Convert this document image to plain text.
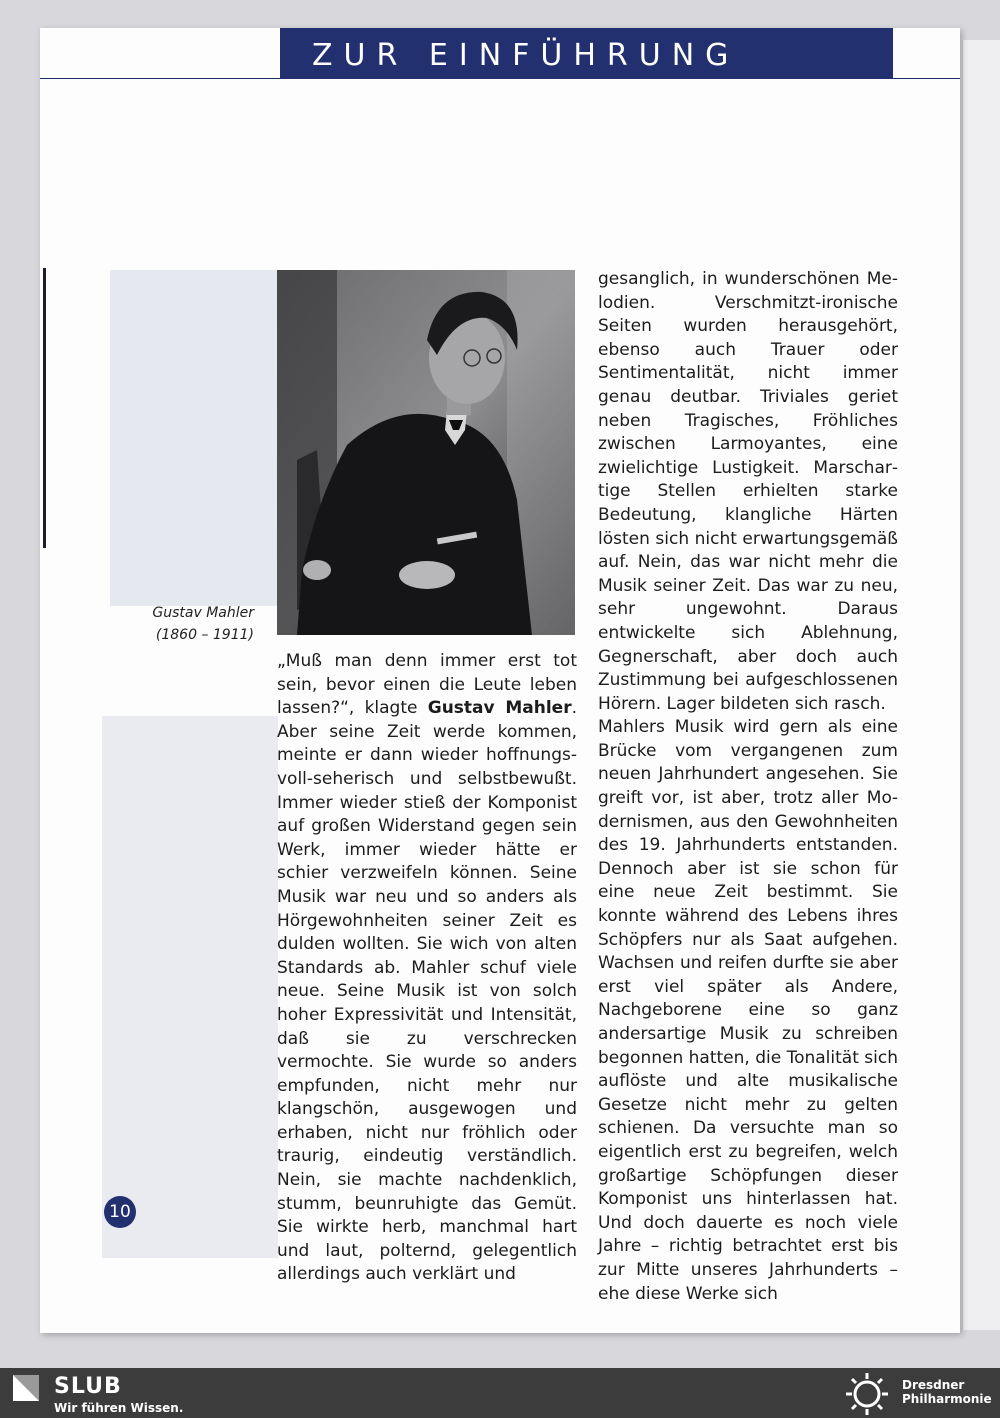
ZUR EINFÜHRUNG
Gustav Mahler
(1860 – 1911)

„Muß man denn immer erst tot sein, bevor einen die Leute leben lassen?“, klagte Gustav Mahler. Aber seine Zeit werde kommen, meinte er dann wieder hoffnungsvoll-seherisch und selbstbewußt. Immer wieder stieß der Komponist auf großen Widerstand gegen sein Werk, immer wieder hätte er schier verzweifeln können. Seine Musik war neu und so anders als Hörgewohnheiten seiner Zeit es dulden wollten. Sie wich von alten Standards ab. Mahler schuf viele neue. Seine Musik ist von solch hoher Expressivität und Intensität, daß sie zu verschrecken vermochte. Sie wurde so anders empfunden, nicht mehr nur klangschön, ausgewogen und erhaben, nicht nur fröhlich oder traurig, eindeutig verständlich. Nein, sie machte nachdenklich, stumm, beunruhigte das Gemüt. Sie wirkte herb, manchmal hart und laut, polternd, gelegentlich allerdings auch verklärt und

gesanglich, in wunderschönen Melodien. Verschmitzt-ironische Seiten wurden herausgehört, ebenso auch Trauer oder Sentimentalität, nicht immer genau deutbar. Triviales geriet neben Tragisches, Fröhliches zwischen Larmoyantes, eine zwielichtige Lustigkeit. Marschartige Stellen erhielten starke Bedeutung, klangliche Härten lösten sich nicht erwartungsgemäß auf. Nein, das war nicht mehr die Musik seiner Zeit. Das war zu neu, sehr ungewohnt. Daraus entwickelte sich Ablehnung, Gegnerschaft, aber doch auch Zustimmung bei aufgeschlossenen Hörern. Lager bildeten sich rasch.

Mahlers Musik wird gern als eine Brücke vom vergangenen zum neuen Jahrhundert angesehen. Sie greift vor, ist aber, trotz aller Modernismen, aus den Gewohnheiten des 19. Jahrhunderts entstanden. Dennoch aber ist sie schon für eine neue Zeit bestimmt. Sie konnte während des Lebens ihres Schöpfers nur als Saat aufgehen. Wachsen und reifen durfte sie aber erst viel später als Andere, Nachgeborene eine so ganz andersartige Musik zu schreiben begonnen hatten, die Tonalität sich auflöste und alte musikalische Gesetze nicht mehr zu gelten schienen. Da versuchte man so eigentlich erst zu begreifen, welch großartige Schöpfungen dieser Komponist uns hinterlassen hat. Und doch dauerte es noch viele Jahre – richtig betrachtet erst bis zur Mitte unseres Jahrhunderts – ehe diese Werke sich

10
SLUB
Wir führen Wissen.
Dresdner
Philharmonie
